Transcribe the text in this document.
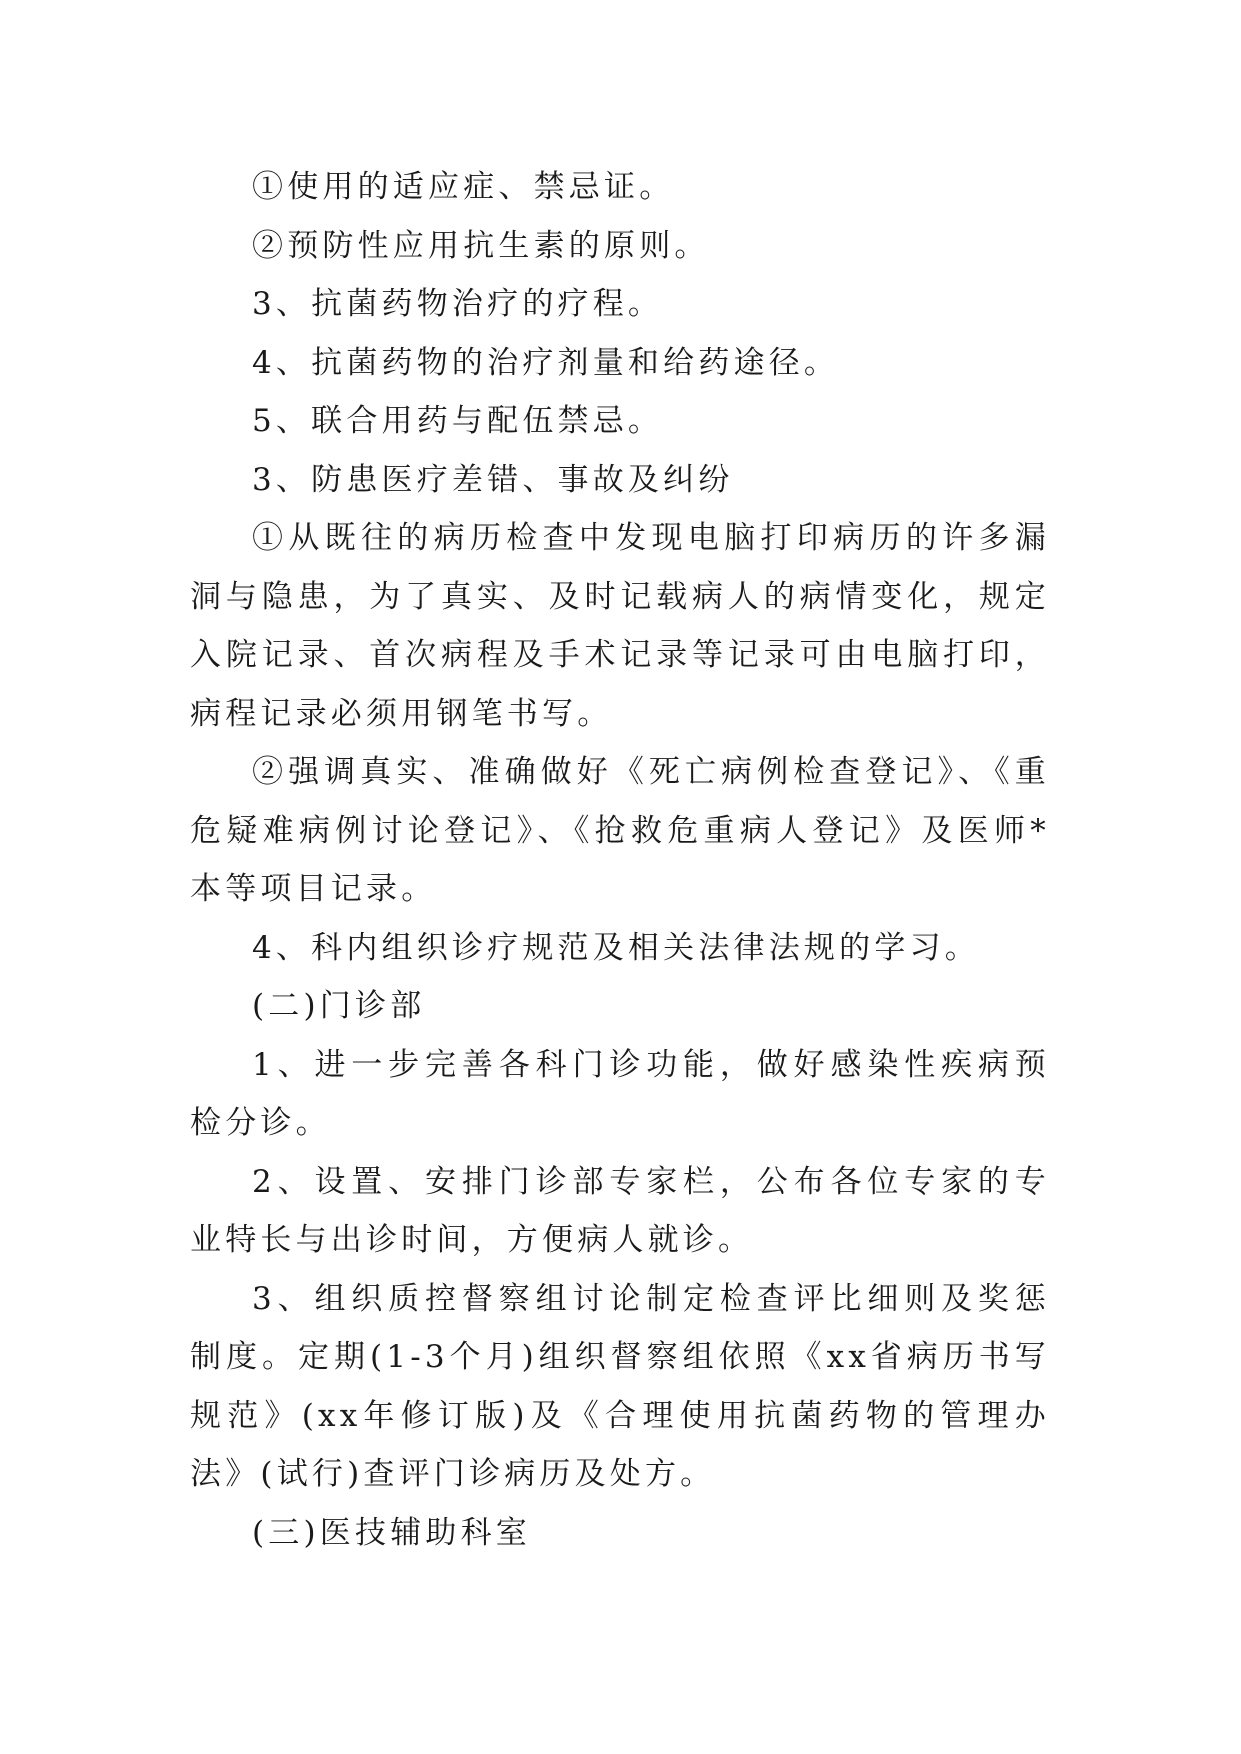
①使用的适应症、禁忌证。

②预防性应用抗生素的原则。

3、抗菌药物治疗的疗程。

4、抗菌药物的治疗剂量和给药途径。

5、联合用药与配伍禁忌。

3、防患医疗差错、事故及纠纷

①从既往的病历检查中发现电脑打印病历的许多漏洞与隐患，为了真实、及时记载病人的病情变化，规定入院记录、首次病程及手术记录等记录可由电脑打印，病程记录必须用钢笔书写。

②强调真实、准确做好《死亡病例检查登记》、《重危疑难病例讨论登记》、《抢救危重病人登记》及医师*本等项目记录。

4、科内组织诊疗规范及相关法律法规的学习。

(二)门诊部

1、进一步完善各科门诊功能，做好感染性疾病预检分诊。

2、设置、安排门诊部专家栏，公布各位专家的专业特长与出诊时间，方便病人就诊。

3、组织质控督察组讨论制定检查评比细则及奖惩制度。定期(1-3个月)组织督察组依照《xx省病历书写规范》(xx年修订版)及《合理使用抗菌药物的管理办法》(试行)查评门诊病历及处方。

(三)医技辅助科室
